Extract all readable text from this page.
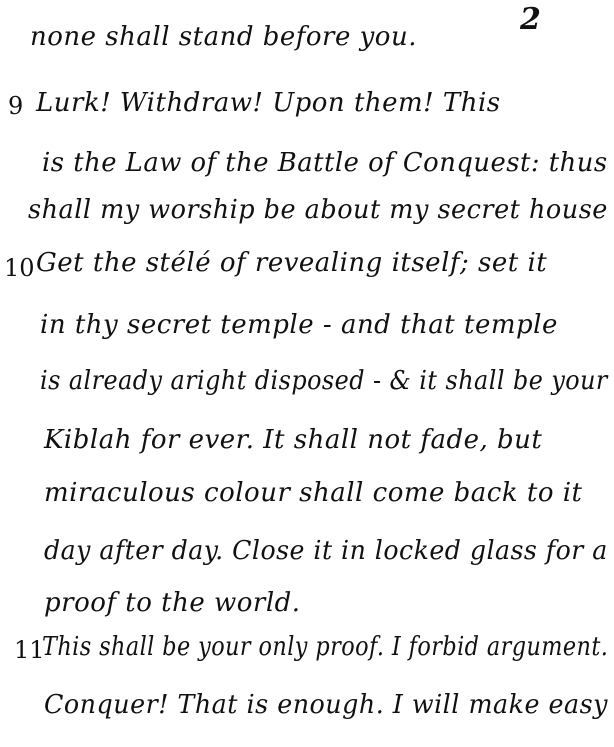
2
none shall stand before you.
9 Lurk! Withdraw! Upon them! This
is the Law of the Battle of Conquest: thus
shall my worship be about my secret house
10 Get the stélé of revealing itself; set it
in thy secret temple - and that temple
is already aright disposed - & it shall be your
Kiblah for ever. It shall not fade, but
miraculous colour shall come back to it
day after day. Close it in locked glass for a
proof to the world.
11
This shall be your only proof. I forbid argument.
Conquer! That is enough. I will make easy
